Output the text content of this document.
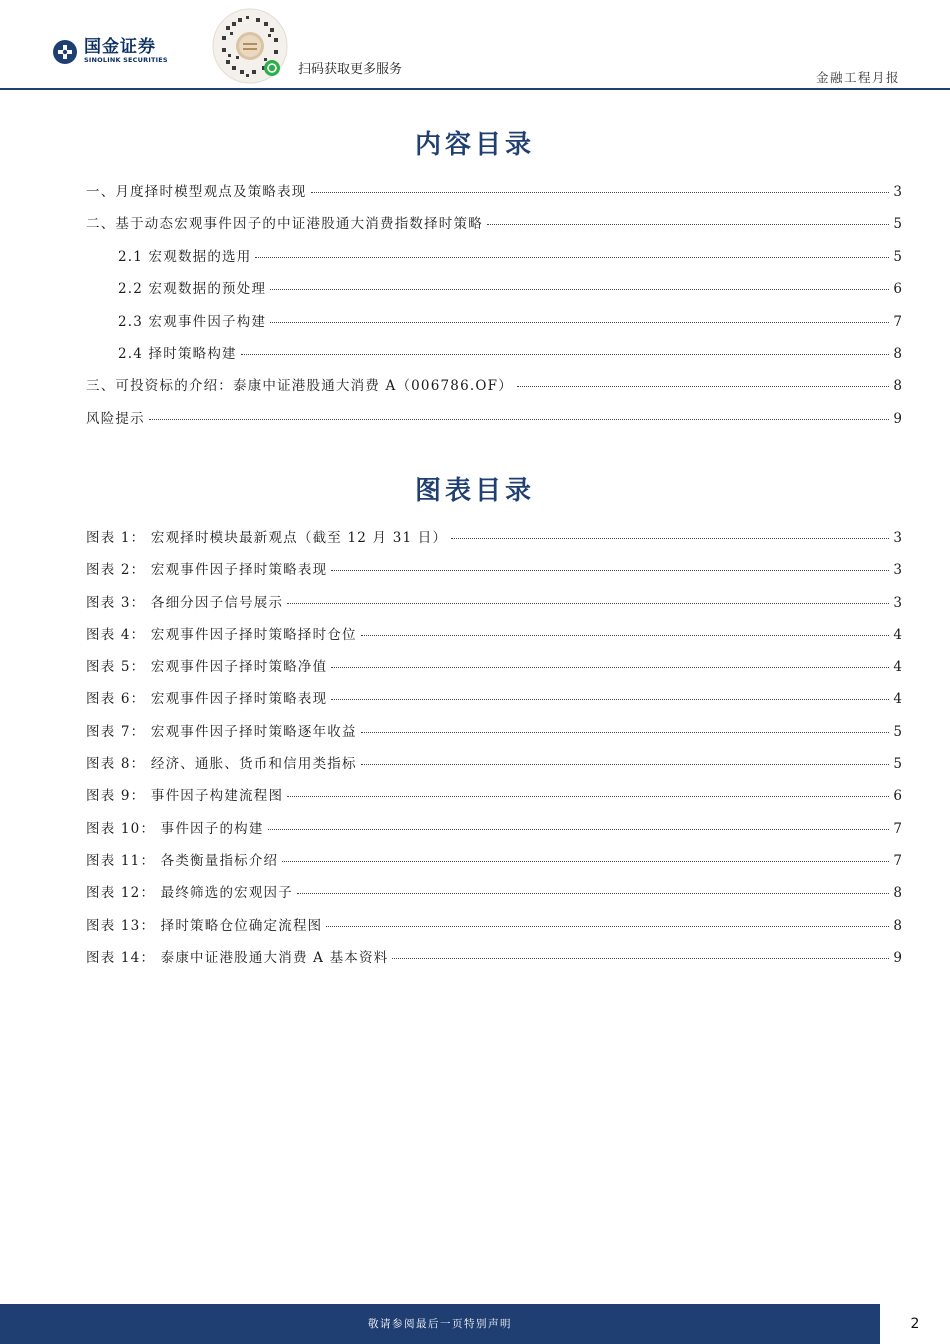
国金证券
SINOLINK SECURITIES
扫码获取更多服务
金融工程月报
内容目录
一、月度择时模型观点及策略表现	3
二、基于动态宏观事件因子的中证港股通大消费指数择时策略	5
2.1 宏观数据的选用	5
2.2 宏观数据的预处理	6
2.3 宏观事件因子构建	7
2.4 择时策略构建	8
三、可投资标的介绍：泰康中证港股通大消费 A（006786.OF）	8
风险提示	9
图表目录
图表 1： 宏观择时模块最新观点（截至 12 月 31 日）	3
图表 2： 宏观事件因子择时策略表现	3
图表 3： 各细分因子信号展示	3
图表 4： 宏观事件因子择时策略择时仓位	4
图表 5： 宏观事件因子择时策略净值	4
图表 6： 宏观事件因子择时策略表现	4
图表 7： 宏观事件因子择时策略逐年收益	5
图表 8： 经济、通胀、货币和信用类指标	5
图表 9： 事件因子构建流程图	6
图表 10： 事件因子的构建	7
图表 11： 各类衡量指标介绍	7
图表 12： 最终筛选的宏观因子	8
图表 13： 择时策略仓位确定流程图	8
图表 14： 泰康中证港股通大消费 A 基本资料	9
敬请参阅最后一页特别声明	2
